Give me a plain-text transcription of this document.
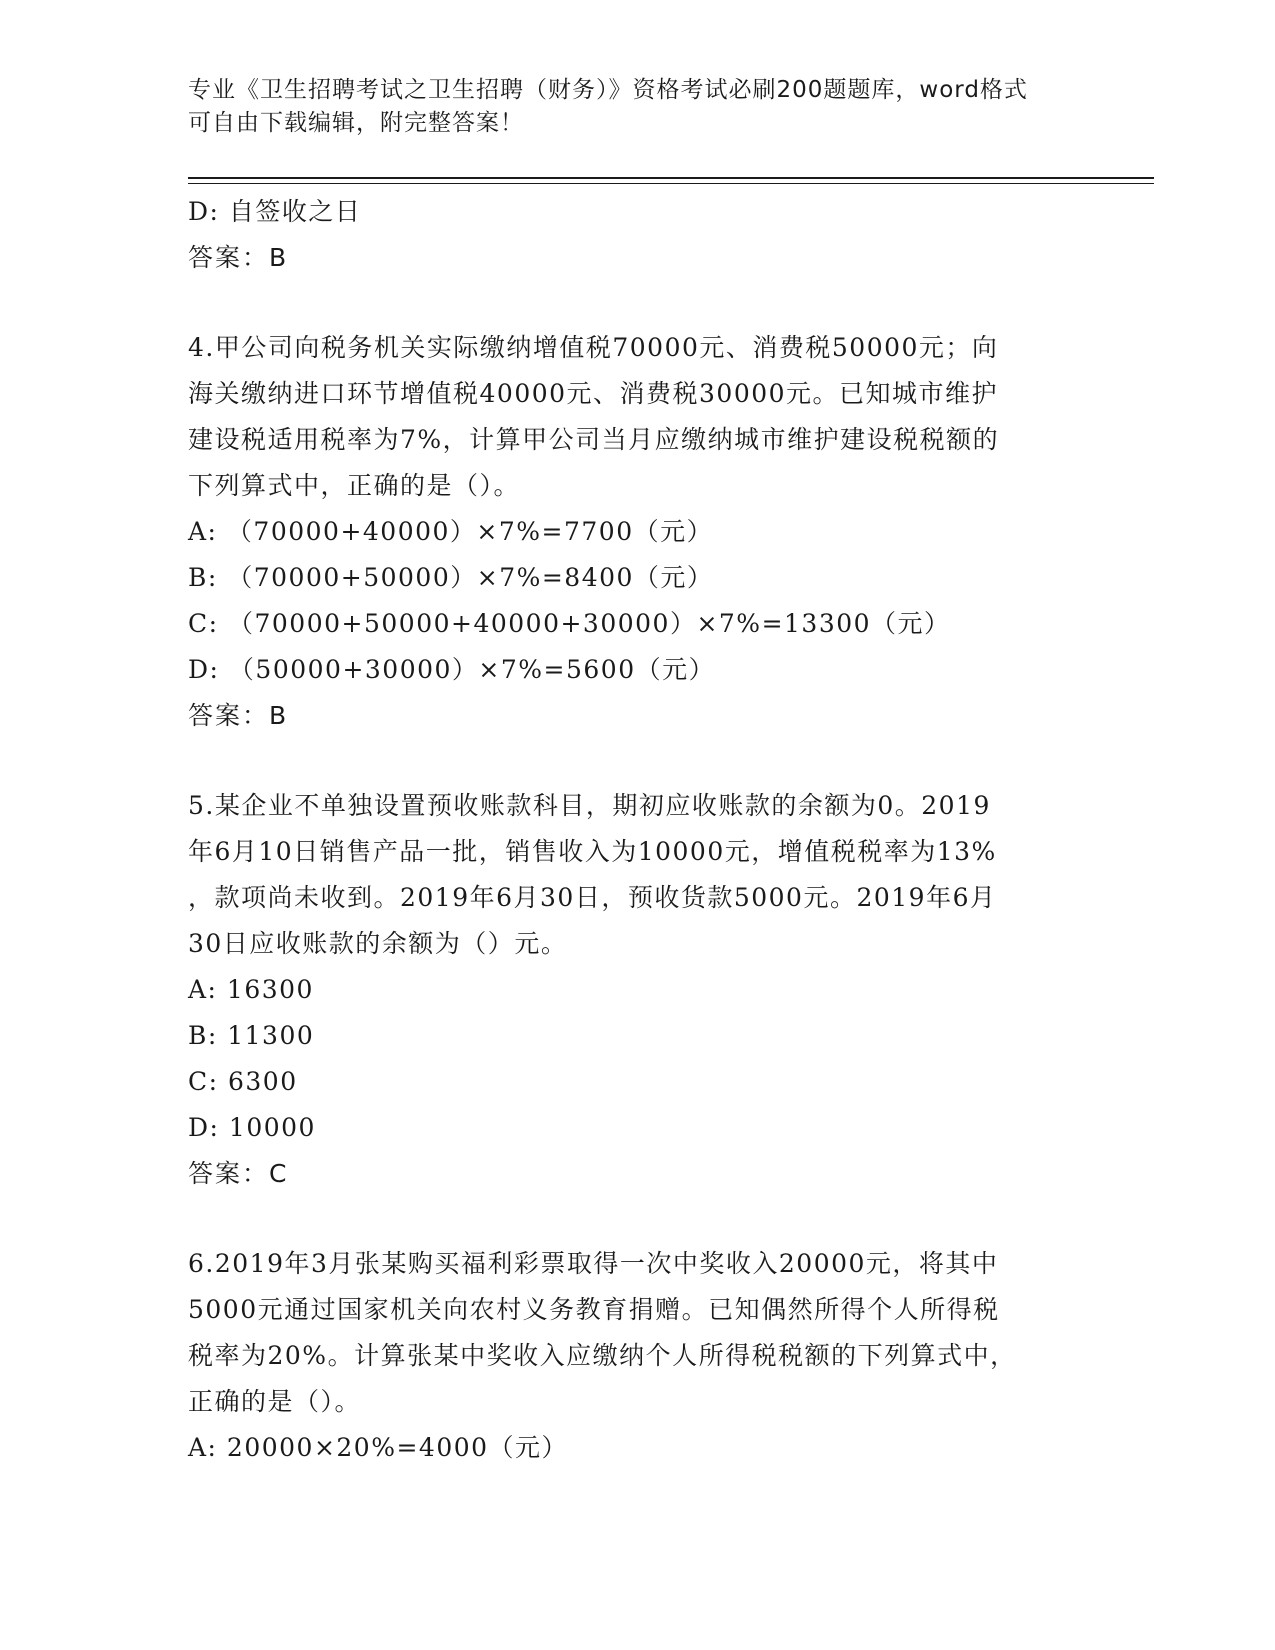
专业《卫生招聘考试之卫生招聘（财务）》资格考试必刷200题题库，word格式
可自由下载编辑，附完整答案！
D: 自签收之日
答案：B
4.甲公司向税务机关实际缴纳增值税70000元、消费税50000元；向
海关缴纳进口环节增值税40000元、消费税30000元。已知城市维护
建设税适用税率为7%，计算甲公司当月应缴纳城市维护建设税税额的
下列算式中，正确的是（）。
A: （70000+40000）×7%=7700（元）
B: （70000+50000）×7%=8400（元）
C: （70000+50000+40000+30000）×7%=13300（元）
D: （50000+30000）×7%=5600（元）
答案：B
5.某企业不单独设置预收账款科目，期初应收账款的余额为0。2019
年6月10日销售产品一批，销售收入为10000元，增值税税率为13%
，款项尚未收到。2019年6月30日，预收货款5000元。2019年6月
30日应收账款的余额为（）元。
A: 16300
B: 11300
C: 6300
D: 10000
答案：C
6.2019年3月张某购买福利彩票取得一次中奖收入20000元，将其中
5000元通过国家机关向农村义务教育捐赠。已知偶然所得个人所得税
税率为20%。计算张某中奖收入应缴纳个人所得税税额的下列算式中，
正确的是（）。
A: 20000×20%=4000（元）
